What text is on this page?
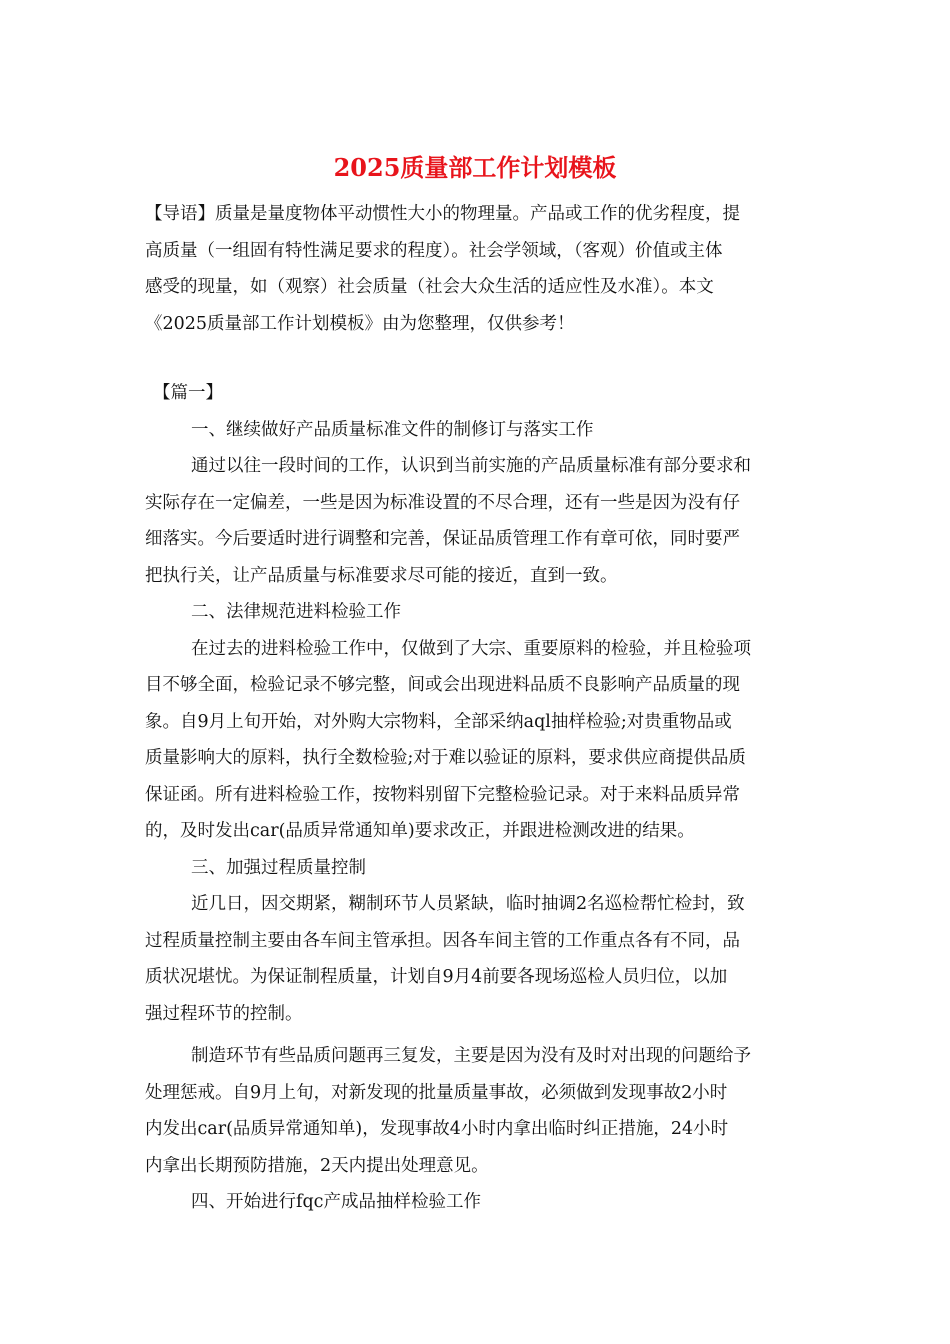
2025质量部工作计划模板

【导语】质量是量度物体平动惯性大小的物理量。产品或工作的优劣程度，提

高质量（一组固有特性满足要求的程度）。社会学领域，（客观）价值或主体

感受的现量，如（观察）社会质量（社会大众生活的适应性及水准）。本文

《2025质量部工作计划模板》由为您整理，仅供参考！

【篇一】

一、继续做好产品质量标准文件的制修订与落实工作

通过以往一段时间的工作，认识到当前实施的产品质量标准有部分要求和

实际存在一定偏差，一些是因为标准设置的不尽合理，还有一些是因为没有仔

细落实。今后要适时进行调整和完善，保证品质管理工作有章可依，同时要严

把执行关，让产品质量与标准要求尽可能的接近，直到一致。

二、法律规范进料检验工作

在过去的进料检验工作中，仅做到了大宗、重要原料的检验，并且检验项

目不够全面，检验记录不够完整，间或会出现进料品质不良影响产品质量的现

象。自9月上旬开始，对外购大宗物料，全部采纳aql抽样检验;对贵重物品或

质量影响大的原料，执行全数检验;对于难以验证的原料，要求供应商提供品质

保证函。所有进料检验工作，按物料别留下完整检验记录。对于来料品质异常

的，及时发出car(品质异常通知单)要求改正，并跟进检测改进的结果。

三、加强过程质量控制

近几日，因交期紧，糊制环节人员紧缺，临时抽调2名巡检帮忙检封，致

过程质量控制主要由各车间主管承担。因各车间主管的工作重点各有不同，品

质状况堪忧。为保证制程质量，计划自9月4前要各现场巡检人员归位，以加

强过程环节的控制。

制造环节有些品质问题再三复发，主要是因为没有及时对出现的问题给予

处理惩戒。自9月上旬，对新发现的批量质量事故，必须做到发现事故2小时

内发出car(品质异常通知单)，发现事故4小时内拿出临时纠正措施，24小时

内拿出长期预防措施，2天内提出处理意见。

四、开始进行fqc产成品抽样检验工作
